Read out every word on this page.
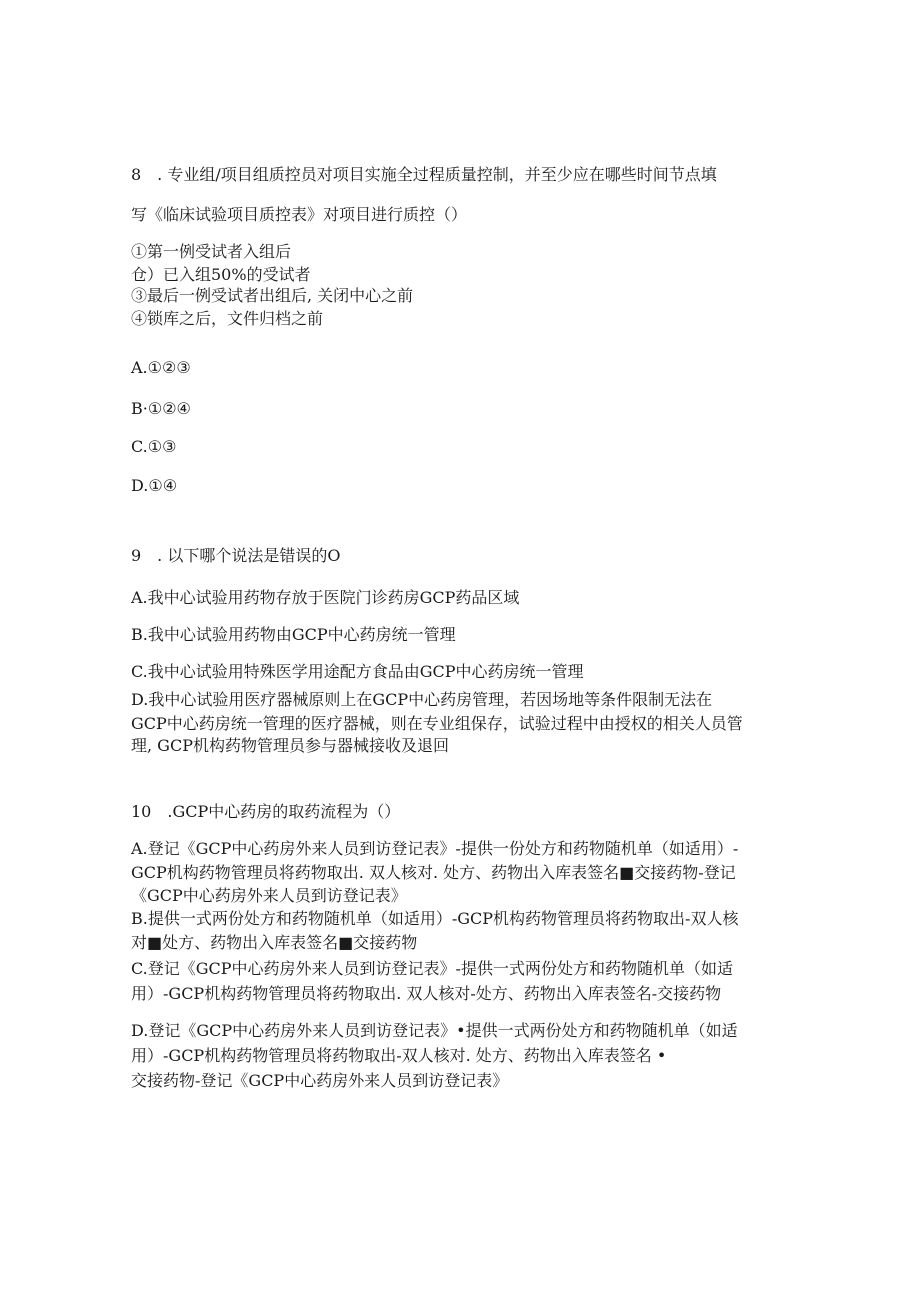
8　. 专业组/项目组质控员对项目实施全过程质量控制，并至少应在哪些时间节点填
写《临床试验项目质控表》对项目进行质控（）
①第一例受试者入组后
仓）已入组50%的受试者
③最后一例受试者出组后, 关闭中心之前
④锁库之后，文件归档之前
A.①②③
B·①②④
C.①③
D.①④
9　. 以下哪个说法是错误的O
A.我中心试验用药物存放于医院门诊药房GCP药品区域
B.我中心试验用药物由GCP中心药房统一管理
C.我中心试验用特殊医学用途配方食品由GCP中心药房统一管理
D.我中心试验用医疗器械原则上在GCP中心药房管理，若因场地等条件限制无法在
GCP中心药房统一管理的医疗器械，则在专业组保存，试验过程中由授权的相关人员管
理, GCP机构药物管理员参与器械接收及退回
10　.GCP中心药房的取药流程为（）
A.登记《GCP中心药房外来人员到访登记表》-提供一份处方和药物随机单（如适用）-
GCP机构药物管理员将药物取出. 双人核对. 处方、药物出入库表签名■交接药物-登记
《GCP中心药房外来人员到访登记表》
B.提供一式两份处方和药物随机单（如适用）-GCP机构药物管理员将药物取出-双人核
对■处方、药物出入库表签名■交接药物
C.登记《GCP中心药房外来人员到访登记表》-提供一式两份处方和药物随机单（如适
用）-GCP机构药物管理员将药物取出. 双人核对-处方、药物出入库表签名-交接药物
D.登记《GCP中心药房外来人员到访登记表》•提供一式两份处方和药物随机单（如适
用）-GCP机构药物管理员将药物取出-双人核对. 处方、药物出入库表签名 •
交接药物-登记《GCP中心药房外来人员到访登记表》
